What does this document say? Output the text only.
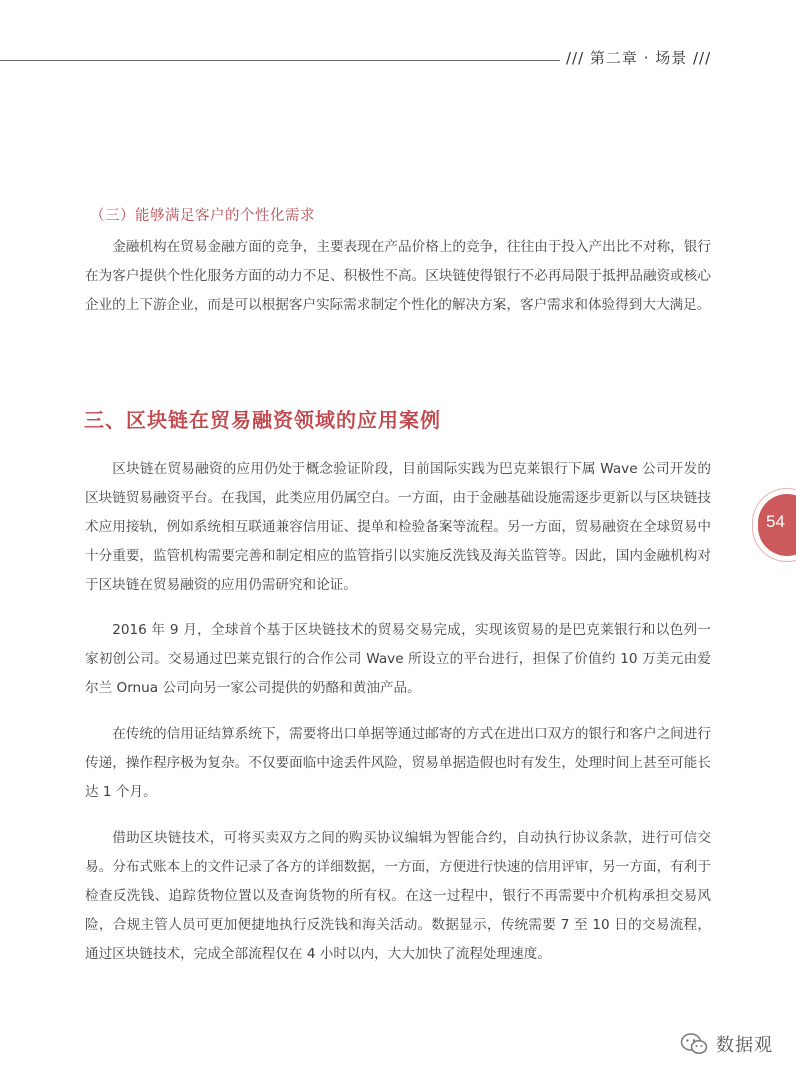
/// 第二章 · 场景 ///
（三）能够满足客户的个性化需求

金融机构在贸易金融方面的竞争，主要表现在产品价格上的竞争，往往由于投入产出比不对称，银行在为客户提供个性化服务方面的动力不足、积极性不高。区块链使得银行不必再局限于抵押品融资或核心企业的上下游企业，而是可以根据客户实际需求制定个性化的解决方案，客户需求和体验得到大大满足。

三、区块链在贸易融资领域的应用案例

区块链在贸易融资的应用仍处于概念验证阶段，目前国际实践为巴克莱银行下属 Wave 公司开发的区块链贸易融资平台。在我国，此类应用仍属空白。一方面，由于金融基础设施需逐步更新以与区块链技术应用接轨，例如系统相互联通兼容信用证、提单和检验备案等流程。另一方面，贸易融资在全球贸易中十分重要，监管机构需要完善和制定相应的监管指引以实施反洗钱及海关监管等。因此，国内金融机构对于区块链在贸易融资的应用仍需研究和论证。

2016 年 9 月，全球首个基于区块链技术的贸易交易完成，实现该贸易的是巴克莱银行和以色列一家初创公司。交易通过巴莱克银行的合作公司 Wave 所设立的平台进行，担保了价值约 10 万美元由爱尔兰 Ornua 公司向另一家公司提供的奶酪和黄油产品。

在传统的信用证结算系统下，需要将出口单据等通过邮寄的方式在进出口双方的银行和客户之间进行传递，操作程序极为复杂。不仅要面临中途丢件风险，贸易单据造假也时有发生，处理时间上甚至可能长达 1 个月。

借助区块链技术，可将买卖双方之间的购买协议编辑为智能合约，自动执行协议条款，进行可信交易。分布式账本上的文件记录了各方的详细数据，一方面，方便进行快速的信用评审，另一方面，有利于检查反洗钱、追踪货物位置以及查询货物的所有权。在这一过程中，银行不再需要中介机构承担交易风险，合规主管人员可更加便捷地执行反洗钱和海关活动。数据显示，传统需要 7 至 10 日的交易流程，通过区块链技术，完成全部流程仅在 4 小时以内，大大加快了流程处理速度。

54
数据观
